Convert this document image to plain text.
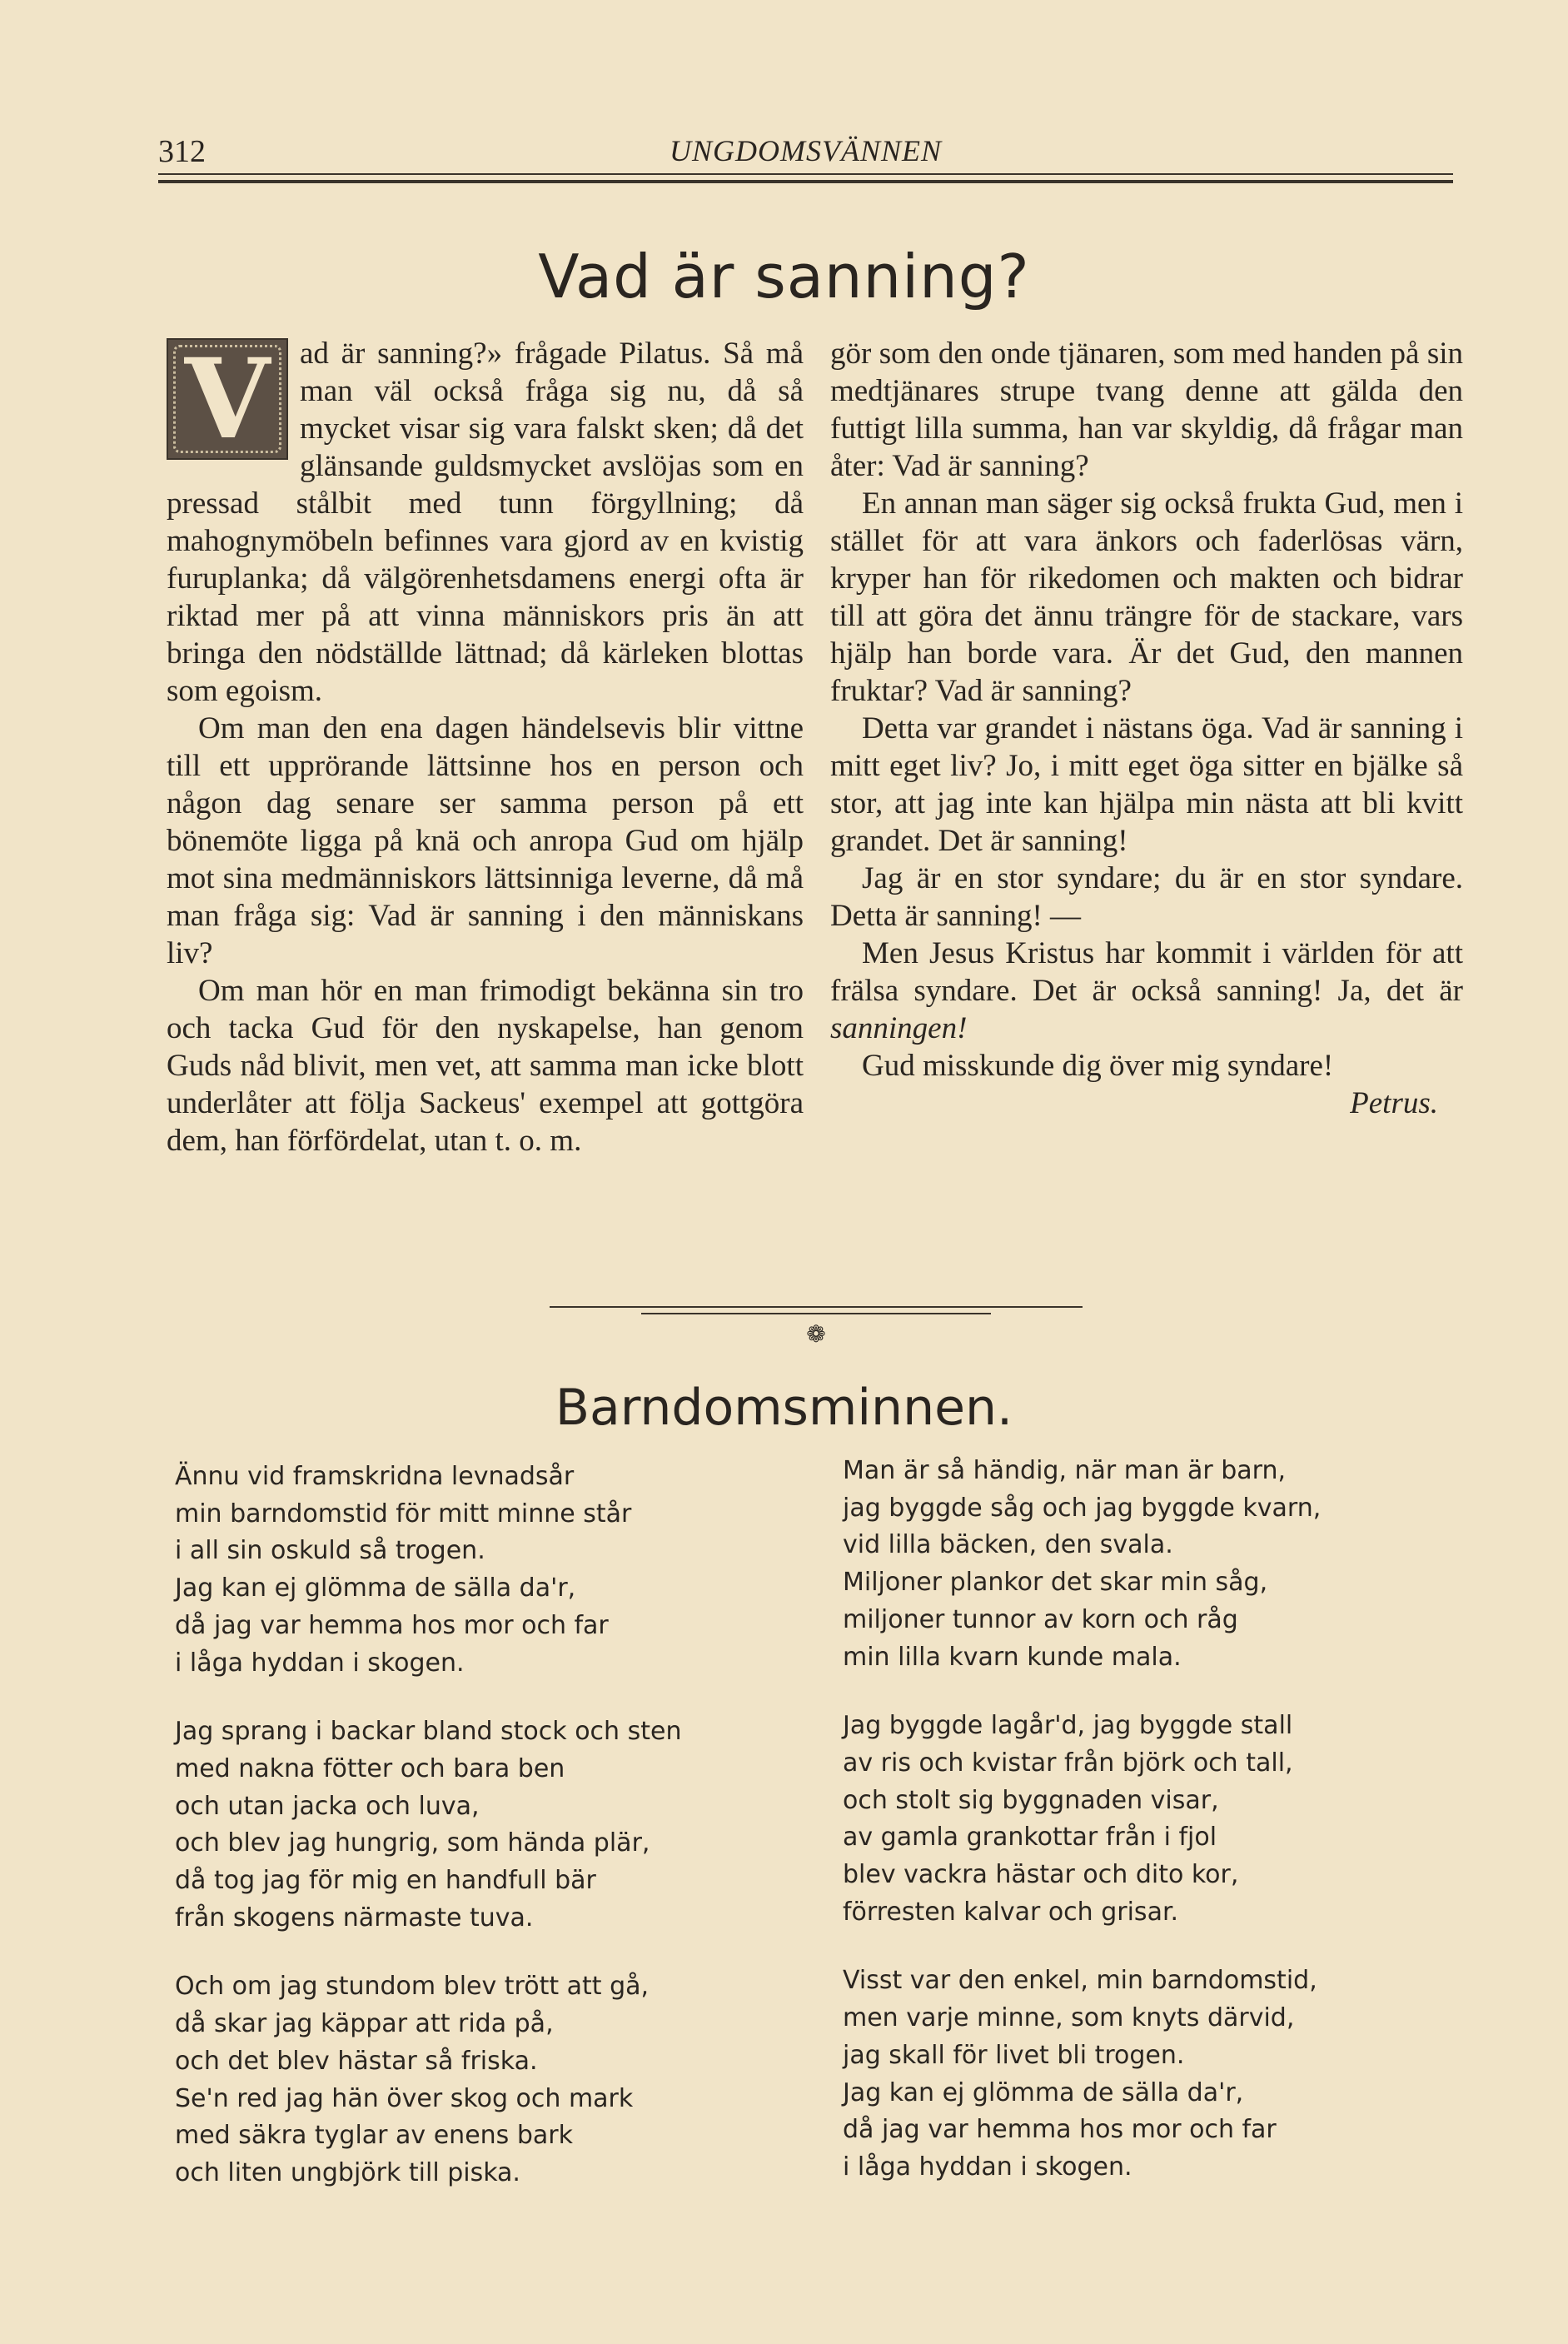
312	UNGDOMSVÄNNEN
Vad är sanning?

V ad är sanning?» frågade Pilatus. Så må man väl också fråga sig nu, då så mycket visar sig vara falskt sken; då det glänsande guldsmycket avslöjas som en pressad stålbit med tunn förgyllning; då mahognymöbeln befinnes vara gjord av en kvistig furuplanka; då välgörenhetsdamens energi ofta är riktad mer på att vinna människors pris än att bringa den nödställde lättnad; då kärleken blottas som egoism.

Om man den ena dagen händelsevis blir vittne till ett upprörande lättsinne hos en person och någon dag senare ser samma person på ett bönemöte ligga på knä och anropa Gud om hjälp mot sina medmänniskors lättsinniga leverne, då må man fråga sig: Vad är sanning i den människans liv?

Om man hör en man frimodigt bekänna sin tro och tacka Gud för den nyskapelse, han genom Guds nåd blivit, men vet, att samma man icke blott underlåter att följa Sackeus' exempel att gottgöra dem, han förfördelat, utan t. o. m.

gör som den onde tjänaren, som med handen på sin medtjänares strupe tvang denne att gälda den futtigt lilla summa, han var skyldig, då frågar man åter: Vad är sanning?

En annan man säger sig också frukta Gud, men i stället för att vara änkors och faderlösas värn, kryper han för rikedomen och makten och bidrar till att göra det ännu trängre för de stackare, vars hjälp han borde vara. Är det Gud, den mannen fruktar? Vad är sanning?

Detta var grandet i nästans öga. Vad är sanning i mitt eget liv? Jo, i mitt eget öga sitter en bjälke så stor, att jag inte kan hjälpa min nästa att bli kvitt grandet. Det är sanning!

Jag är en stor syndare; du är en stor syndare. Detta är sanning! —

Men Jesus Kristus har kommit i världen för att frälsa syndare. Det är också sanning! Ja, det är sanningen!

Gud misskunde dig över mig syndare!

Petrus.

❁
Barndomsminnen.
Ännu vid framskridna levnadsår
min barndomstid för mitt minne står
i all sin oskuld så trogen.
Jag kan ej glömma de sälla da'r,
då jag var hemma hos mor och far
i låga hyddan i skogen.
Jag sprang i backar bland stock och sten
med nakna fötter och bara ben
och utan jacka och luva,
och blev jag hungrig, som hända plär,
då tog jag för mig en handfull bär
från skogens närmaste tuva.
Och om jag stundom blev trött att gå,
då skar jag käppar att rida på,
och det blev hästar så friska.
Se'n red jag hän över skog och mark
med säkra tyglar av enens bark
och liten ungbjörk till piska.
Man är så händig, när man är barn,
jag byggde såg och jag byggde kvarn,
vid lilla bäcken, den svala.
Miljoner plankor det skar min såg,
miljoner tunnor av korn och råg
min lilla kvarn kunde mala.
Jag byggde lagår'd, jag byggde stall
av ris och kvistar från björk och tall,
och stolt sig byggnaden visar,
av gamla grankottar från i fjol
blev vackra hästar och dito kor,
förresten kalvar och grisar.
Visst var den enkel, min barndomstid,
men varje minne, som knyts därvid,
jag skall för livet bli trogen.
Jag kan ej glömma de sälla da'r,
då jag var hemma hos mor och far
i låga hyddan i skogen.
